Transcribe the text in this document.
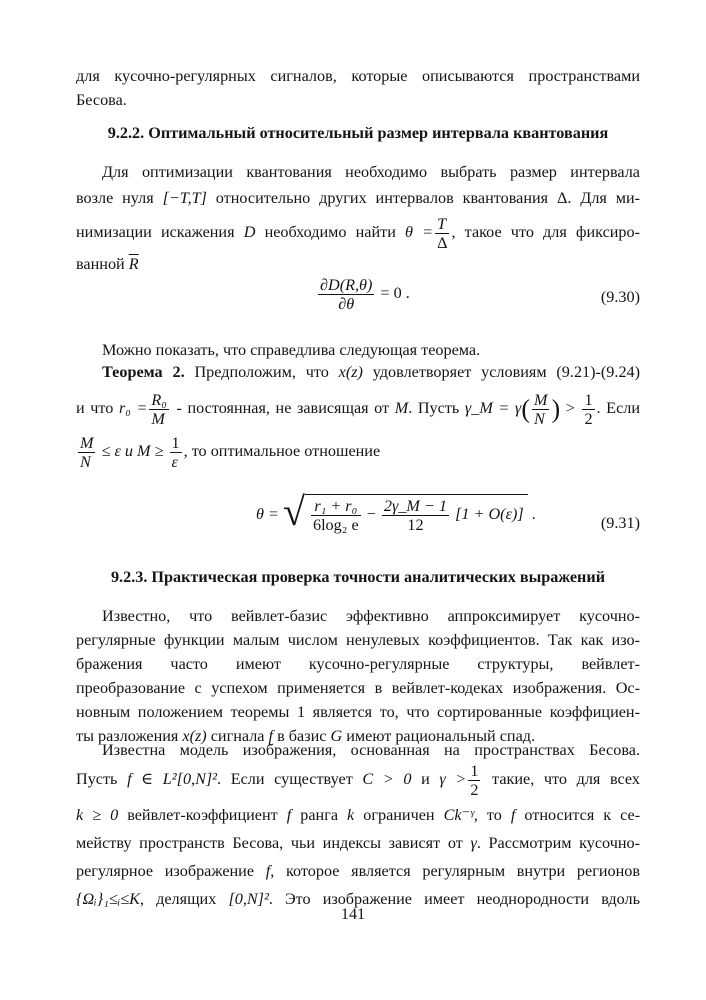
для кусочно-регулярных сигналов, которые описываются пространствами

Бесова.

9.2.2. Оптимальный относительный размер интервала квантования

Для оптимизации квантования необходимо выбрать размер интервала

возле нуля [−T,T] относительно других интервалов квантования Δ. Для ми-

нимизации искажения D необходимо найти $\theta = \frac{T}{\Delta}$ , такое что для фиксиро-

ванной $\overline{R}$

$\frac{\partial D(R,\theta)}{\partial\theta} = 0$ .	(9.30)

Можно показать, что справедлива следующая теорема.

Теорема 2. Предположим, что x(z) удовлетворяет условиям (9.21)-(9.24)

и что $r_0 = \frac{\text{R₀}}{M}$ - постоянная, не зависящая от M. Пусть γ_M = $\gamma( \frac{M}{N}$ ) > $\frac{1}{2}$ . Если

$\frac{M}{N} \le \varepsilon$ и $M \ge \frac{1}{\varepsilon}$ , то оптимальное отношение

θ = √ $\frac{\text{r₁ + r₀}}{\text{6log₂ e}} - \frac{2\gamma\_M - 1}{12} [1 + O(\varepsilon)]$ .	(9.31)
9.2.3. Практическая проверка точности аналитических выражений

Известно, что вейвлет-базис эффективно аппроксимирует кусочно-

регулярные функции малым числом ненулевых коэффициентов. Так как изо-

бражения часто имеют кусочно-регулярные структуры, вейвлет-

преобразование с успехом применяется в вейвлет-кодеках изображения. Ос-

новным положением теоремы 1 является то, что сортированные коэффициен-

ты разложения x(z) сигнала f в базис G имеют рациональный спад.

Известна модель изображения, основанная на пространствах Бесова.

Пусть f ∈ L²[0,N]². Если существует C > 0 и $\gamma > \frac{1}{2}$ такие, что для всех

k ≥ 0 вейвлет-коэффициент f ранга k ограничен Ck⁻ᵞ, то f относится к се-

мейству пространств Бесова, чьи индексы зависят от γ. Рассмотрим кусочно-

регулярное изображение f, которое является регулярным внутри регионов

{Ωᵢ}₁≤ᵢ≤K, делящих [0,N]². Это изображение имеет неоднородности вдоль

141
